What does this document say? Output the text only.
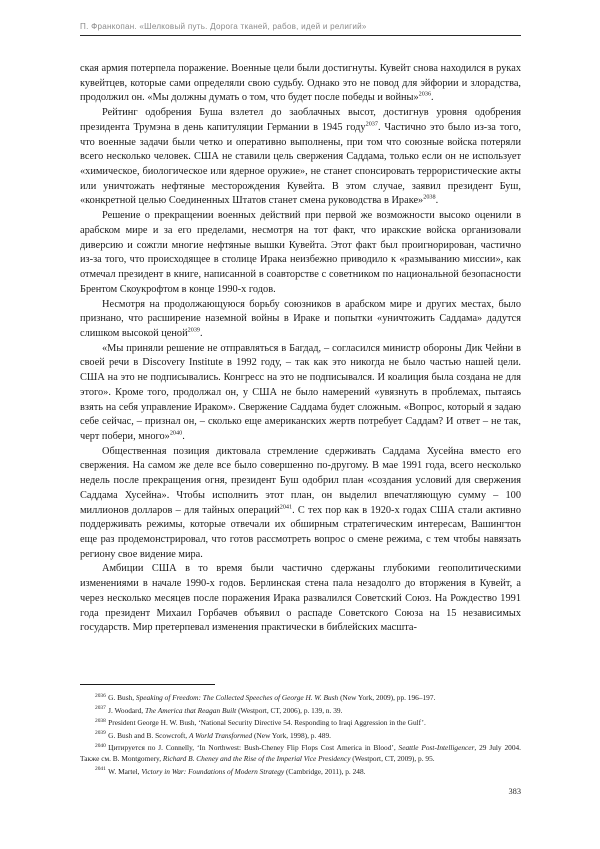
П. Франкопан. «Шелковый путь. Дорога тканей, рабов, идей и религий»

ская армия потерпела поражение. Военные цели были достигнуты. Кувейт снова находился в руках кувейтцев, которые сами определяли свою судьбу. Однако это не повод для эйфории и злорадства, продолжил он. «Мы должны думать о том, что будет после победы и войны»$^{2036}$.

Рейтинг одобрения Буша взлетел до заоблачных высот, достигнув уровня одобрения президента Трумэна в день капитуляции Германии в 1945 году$^{2037}$. Частично это было из-за того, что военные задачи были четко и оперативно выполнены, при том что союзные войска потеряли всего несколько человек. США не ставили цель свержения Саддама, только если он не использует «химическое, биологическое или ядерное оружие», не станет спонсировать террористические акты или уничтожать нефтяные месторождения Кувейта. В этом случае, заявил президент Буш, «конкретной целью Соединенных Штатов станет смена руководства в Ираке»$^{2038}$.

Решение о прекращении военных действий при первой же возможности высоко оценили в арабском мире и за его пределами, несмотря на тот факт, что иракские войска организовали диверсию и сожгли многие нефтяные вышки Кувейта. Этот факт был проигнорирован, частично из-за того, что происходящее в столице Ирака неизбежно приводило к «размыванию миссии», как отмечал президент в книге, написанной в соавторстве с советником по национальной безопасности Брентом Скоукрофтом в конце 1990-х годов.

Несмотря на продолжающуюся борьбу союзников в арабском мире и других местах, было признано, что расширение наземной войны в Ираке и попытки «уничтожить Саддама» дадутся слишком высокой ценой$^{2039}$.

«Мы приняли решение не отправляться в Багдад, – согласился министр обороны Дик Чейни в своей речи в Discovery Institute в 1992 году, – так как это никогда не было частью нашей цели. США на это не подписывались. Конгресс на это не подписывался. И коалиция была создана не для этого». Кроме того, продолжал он, у США не было намерений «увязнуть в проблемах, пытаясь взять на себя управление Ираком». Свержение Саддама будет сложным. «Вопрос, который я задаю себе сейчас, – признал он, – сколько еще американских жертв потребует Саддам? И ответ – не так, черт побери, много»$^{2040}$.

Общественная позиция диктовала стремление сдерживать Саддама Хусейна вместо его свержения. На самом же деле все было совершенно по-другому. В мае 1991 года, всего несколько недель после прекращения огня, президент Буш одобрил план «создания условий для свержения Саддама Хусейна». Чтобы исполнить этот план, он выделил впечатляющую сумму – 100 миллионов долларов – для тайных операций$^{2041}$. С тех пор как в 1920-х годах США стали активно поддерживать режимы, которые отвечали их обширным стратегическим интересам, Вашингтон еще раз продемонстрировал, что готов рассмотреть вопрос о смене режима, с тем чтобы навязать региону свое видение мира.

Амбиции США в то время были частично сдержаны глубокими геополитическими изменениями в начале 1990-х годов. Берлинская стена пала незадолго до вторжения в Кувейт, а через несколько месяцев после поражения Ирака развалился Советский Союз. На Рождество 1991 года президент Михаил Горбачев объявил о распаде Советского Союза на 15 независимых государств. Мир претерпевал изменения практически в библейских масшта-

$^{2036}$ G. Bush, Speaking of Freedom: The Collected Speeches of George H. W. Bush (New York, 2009), pp. 196–197.

$^{2037}$ J. Woodard, The America that Reagan Built (Westport, CT, 2006), p. 139, n. 39.

$^{2038}$ President George H. W. Bush, ‘National Security Directive 54. Responding to Iraqi Aggression in the Gulf’.

$^{2039}$ G. Bush and B. Scowcroft, A World Transformed (New York, 1998), p. 489.

$^{2040}$ Цитируется по J. Connelly, ‘In Northwest: Bush-Cheney Flip Flops Cost America in Blood’, Seattle Post-Intelligencer, 29 July 2004. Также см. B. Montgomery, Richard B. Cheney and the Rise of the Imperial Vice Presidency (Westport, CT, 2009), p. 95.

$^{2041}$ W. Martel, Victory in War: Foundations of Modern Strategy (Cambridge, 2011), p. 248.

383
